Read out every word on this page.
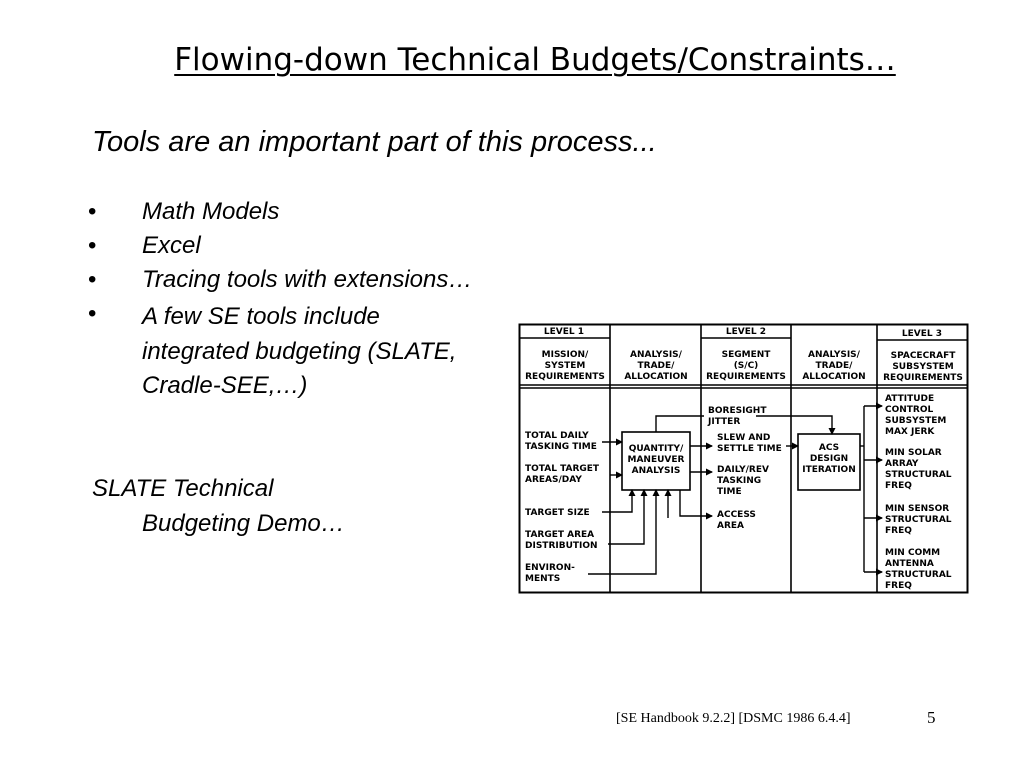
Flowing-down Technical Budgets/Constraints…
Tools are an important part of this process...
• Math Models
• Excel
• Tracing tools with extensions…
• A few SE tools include integrated budgeting (SLATE, Cradle-SEE,…)
SLATE Technical
Budgeting Demo…
LEVEL 1	LEVEL 2	LEVEL 3
MISSION/
SYSTEM
REQUIREMENTS
ANALYSIS/
TRADE/
ALLOCATION
SEGMENT
(S/C)
REQUIREMENTS
ANALYSIS/
TRADE/
ALLOCATION
SPACECRAFT
SUBSYSTEM
REQUIREMENTS
TOTAL DAILY
TASKING TIME
TOTAL TARGET
AREAS/DAY
TARGET SIZE
TARGET AREA
DISTRIBUTION
ENVIRON-
MENTS
QUANTITY/
MANEUVER
ANALYSIS
BORESIGHT
JITTER
SLEW AND
SETTLE TIME
DAILY/REV
TASKING
TIME
ACCESS
AREA
ACS
DESIGN
ITERATION
ATTITUDE
CONTROL
SUBSYSTEM
MAX JERK
MIN SOLAR
ARRAY
STRUCTURAL
FREQ
MIN SENSOR
STRUCTURAL
FREQ
MIN COMM
ANTENNA
STRUCTURAL
FREQ
[SE Handbook 9.2.2] [DSMC 1986 6.4.4]	5
